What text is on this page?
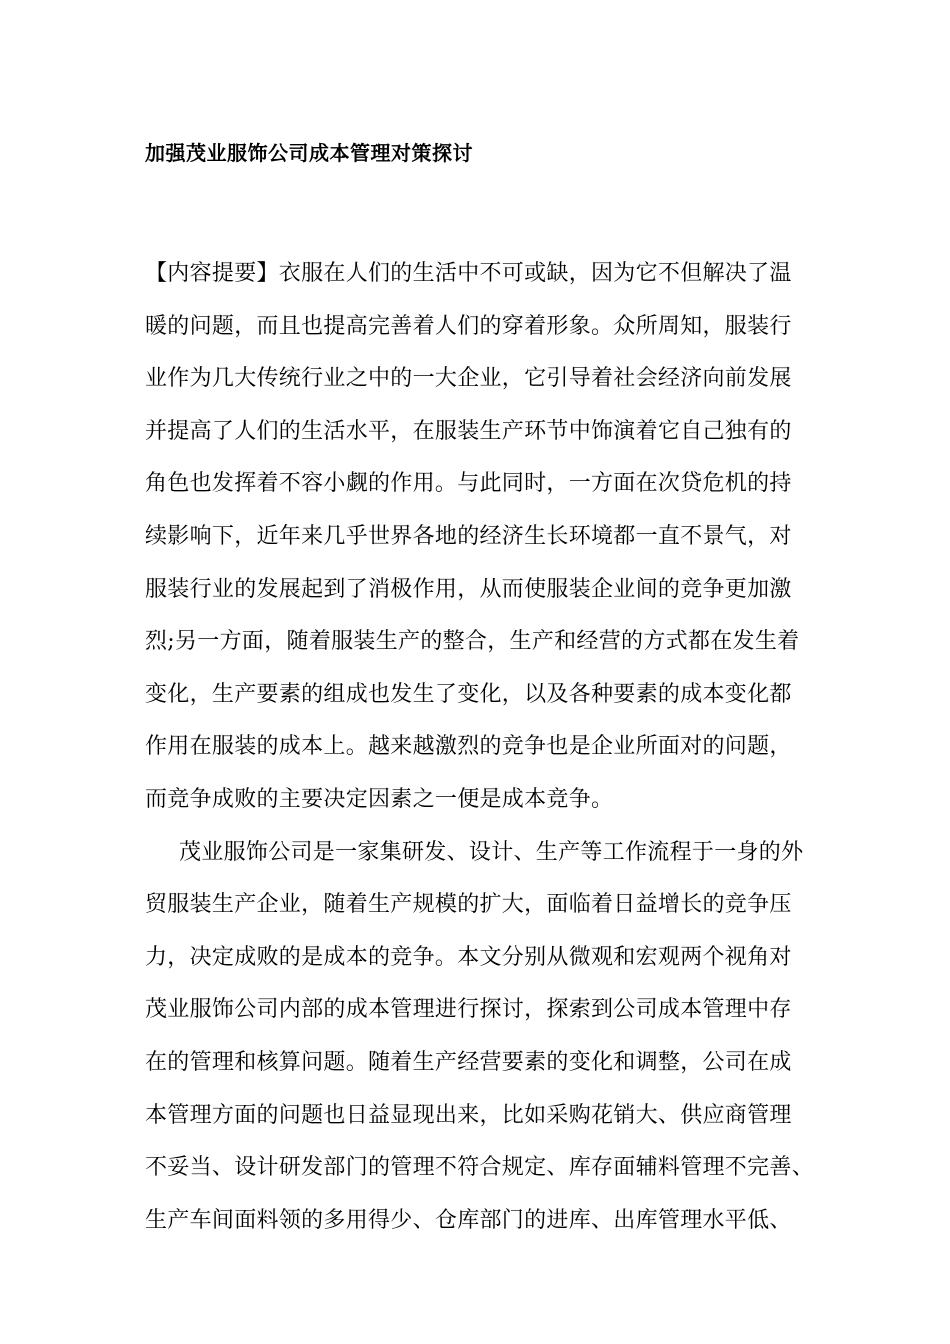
加强茂业服饰公司成本管理对策探讨
【内容提要】衣服在人们的生活中不可或缺，因为它不但解决了温
暖的问题，而且也提高完善着人们的穿着形象。众所周知，服装行
业作为几大传统行业之中的一大企业，它引导着社会经济向前发展
并提高了人们的生活水平，在服装生产环节中饰演着它自己独有的
角色也发挥着不容小觑的作用。与此同时，一方面在次贷危机的持
续影响下，近年来几乎世界各地的经济生长环境都一直不景气，对
服装行业的发展起到了消极作用，从而使服装企业间的竞争更加激
烈;另一方面，随着服装生产的整合，生产和经营的方式都在发生着
变化，生产要素的组成也发生了变化，以及各种要素的成本变化都
作用在服装的成本上。越来越激烈的竞争也是企业所面对的问题，
而竞争成败的主要决定因素之一便是成本竞争。
茂业服饰公司是一家集研发、设计、生产等工作流程于一身的外
贸服装生产企业，随着生产规模的扩大，面临着日益增长的竞争压
力，决定成败的是成本的竞争。本文分别从微观和宏观两个视角对
茂业服饰公司内部的成本管理进行探讨，探索到公司成本管理中存
在的管理和核算问题。随着生产经营要素的变化和调整，公司在成
本管理方面的问题也日益显现出来，比如采购花销大、供应商管理
不妥当、设计研发部门的管理不符合规定、库存面辅料管理不完善、
生产车间面料领的多用得少、仓库部门的进库、出库管理水平低、
